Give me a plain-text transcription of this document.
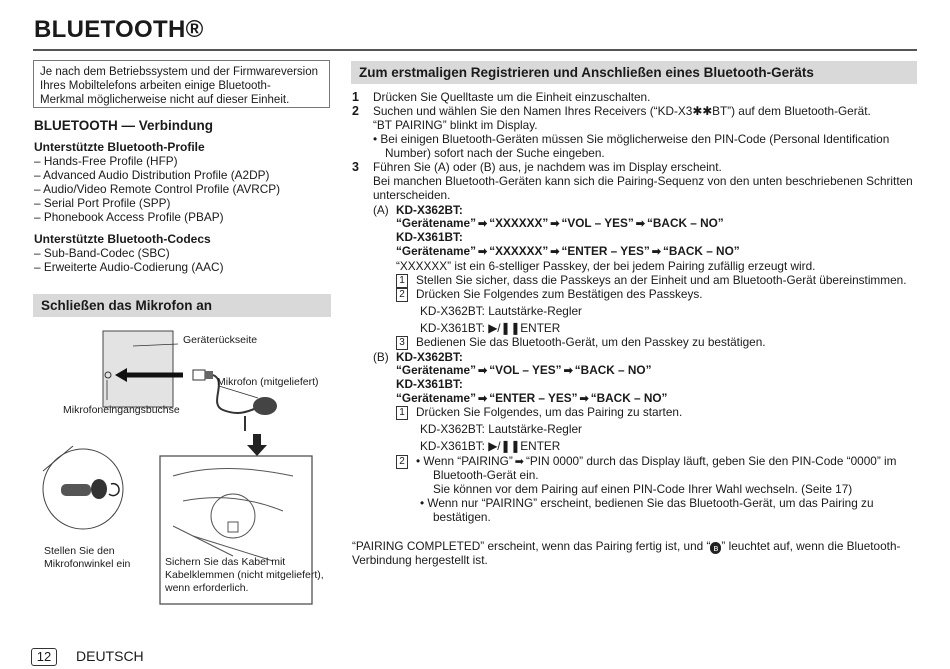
BLUETOOTH®
Je nach dem Betriebssystem und der Firmwareversion
Ihres Mobiltelefons arbeiten einige Bluetooth-
Merkmal möglicherweise nicht auf dieser Einheit.
BLUETOOTH — Verbindung
Unterstützte Bluetooth-Profile
– Hands-Free Profile (HFP)
– Advanced Audio Distribution Profile (A2DP)
– Audio/Video Remote Control Profile (AVRCP)
– Serial Port Profile (SPP)
– Phonebook Access Profile (PBAP)
Unterstützte Bluetooth-Codecs
– Sub-Band-Codec (SBC)
– Erweiterte Audio-Codierung (AAC)
Schließen das Mikrofon an
Geräterückseite
Mikrofon (mitgeliefert)
Mikrofoneingangsbuchse
Stellen Sie den
Mikrofonwinkel ein	Sichern Sie das Kabel mit
Kabelklemmen (nicht mitgeliefert),
wenn erforderlich.
Zum erstmaligen Registrieren und Anschließen eines Bluetooth-Geräts
1 Drücken Sie Quelltaste um die Einheit einzuschalten.
2 Suchen und wählen Sie den Namen Ihres Receivers (“KD-X3✱✱BT”) auf dem Bluetooth-Gerät.
“BT PAIRING” blinkt im Display.
• Bei einigen Bluetooth-Geräten müssen Sie möglicherweise den PIN-Code (Personal Identification
Number) sofort nach der Suche eingeben.
3 Führen Sie (A) oder (B) aus, je nachdem was im Display erscheint.
Bei manchen Bluetooth-Geräten kann sich die Pairing-Sequenz von den unten beschriebenen Schritten
unterscheiden.
(A) KD-X362BT:
“Gerätename” ➡ “XXXXXX” ➡ “VOL – YES” ➡ “BACK – NO”
KD-X361BT:
“Gerätename” ➡ “XXXXXX” ➡ “ENTER – YES” ➡ “BACK – NO”
“XXXXXX” ist ein 6-stelliger Passkey, der bei jedem Pairing zufällig erzeugt wird.
1 Stellen Sie sicher, dass die Passkeys an der Einheit und am Bluetooth-Gerät übereinstimmen.
2 Drücken Sie Folgendes zum Bestätigen des Passkeys.
KD-X362BT: Lautstärke-Regler
KD-X361BT: ▶/❚❚ENTER
3 Bedienen Sie das Bluetooth-Gerät, um den Passkey zu bestätigen.
(B) KD-X362BT:
“Gerätename” ➡ “VOL – YES” ➡ “BACK – NO”
KD-X361BT:
“Gerätename” ➡ “ENTER – YES” ➡ “BACK – NO”
1 Drücken Sie Folgendes, um das Pairing zu starten.
KD-X362BT: Lautstärke-Regler
KD-X361BT: ▶/❚❚ENTER
2 • Wenn “PAIRING” ➡ “PIN 0000” durch das Display läuft, geben Sie den PIN-Code “0000” im
Bluetooth-Gerät ein.
Sie können vor dem Pairing auf einen PIN-Code Ihrer Wahl wechseln. (Seite 17)
• Wenn nur “PAIRING” erscheint, bedienen Sie das Bluetooth-Gerät, um das Pairing zu
bestätigen.
“PAIRING COMPLETED” erscheint, wenn das Pairing fertig ist, und “ ʙ ” leuchtet auf, wenn die Bluetooth-
Verbindung hergestellt ist.
12	DEUTSCH
